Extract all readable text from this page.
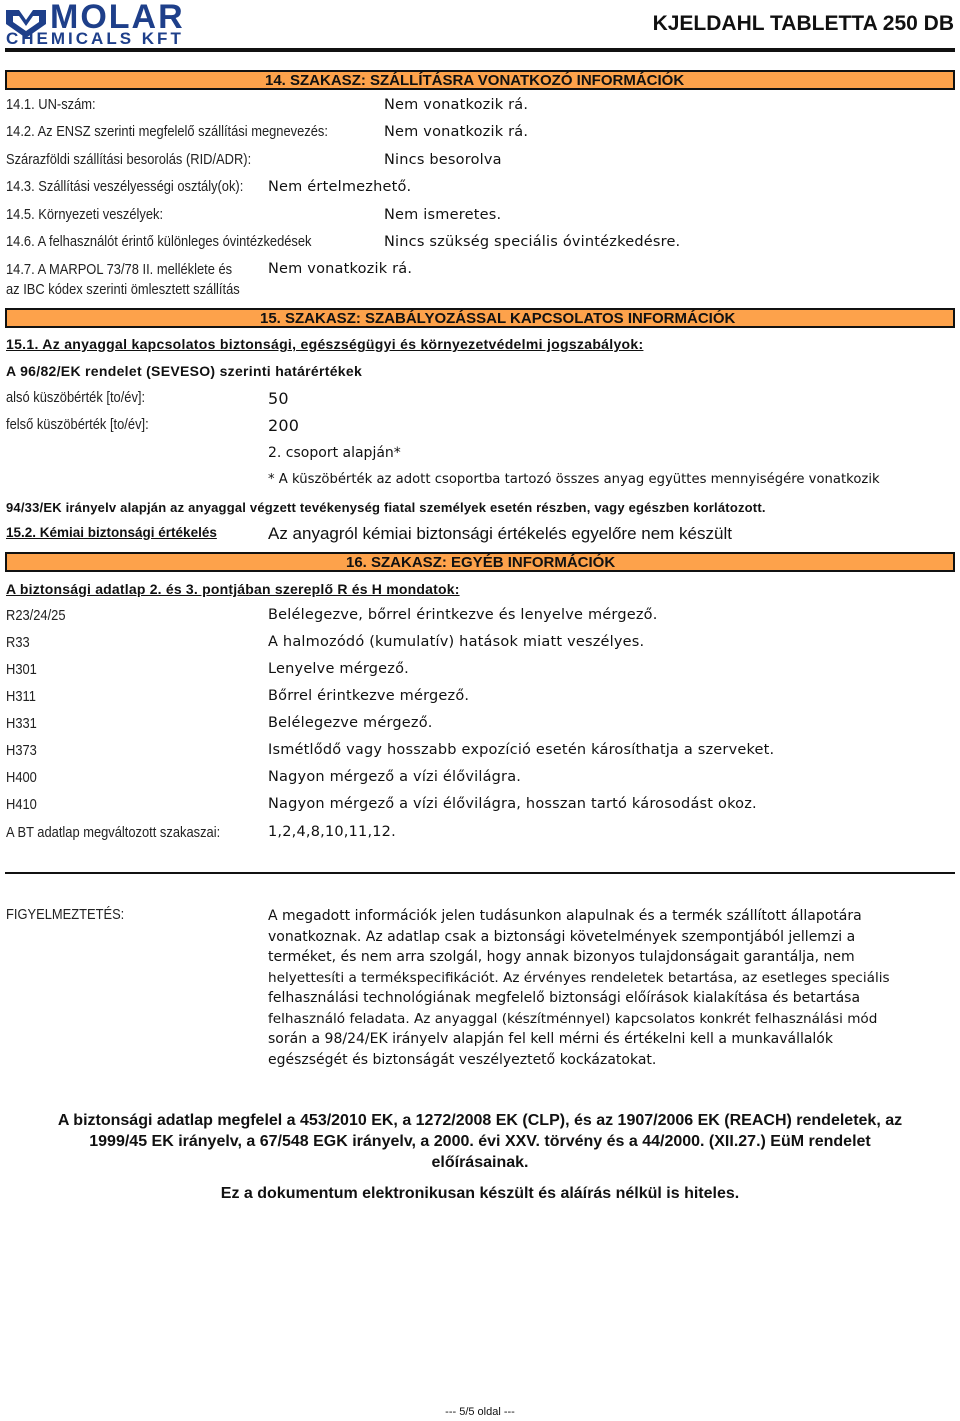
MOLAR
CHEMICALS KFT
KJELDAHL TABLETTA 250 DB
14. SZAKASZ: SZÁLLÍTÁSRA VONATKOZÓ INFORMÁCIÓK
14.1. UN-szám:	Nem vonatkozik rá.
14.2. Az ENSZ szerinti megfelelő szállítási megnevezés:	Nem vonatkozik rá.
Szárazföldi szállítási besorolás (RID/ADR):	Nincs besorolva
14.3. Szállítási veszélyességi osztály(ok): Nem értelmezhető.
14.5. Környezeti veszélyek:	Nem ismeretes.
14.6. A felhasználót érintő különleges óvintézkedések	Nincs szükség speciális óvintézkedésre.
14.7. A MARPOL 73/78 II. melléklete és Nem vonatkozik rá.
az IBC kódex szerinti ömlesztett szállítás
15. SZAKASZ: SZABÁLYOZÁSSAL KAPCSOLATOS INFORMÁCIÓK
15.1. Az anyaggal kapcsolatos biztonsági, egészségügyi és környezetvédelmi jogszabályok:
A 96/82/EK rendelet (SEVESO) szerinti határértékek
alsó küszöbérték [to/év]:	50
felső küszöbérték [to/év]:	200
2. csoport alapján*
* A küszöbérték az adott csoportba tartozó összes anyag együttes mennyiségére vonatkozik
94/33/EK irányelv alapján az anyaggal végzett tevékenység fiatal személyek esetén részben, vagy egészben korlátozott.
15.2. Kémiai biztonsági értékelés	Az anyagról kémiai biztonsági értékelés egyelőre nem készült
16. SZAKASZ: EGYÉB INFORMÁCIÓK
A biztonsági adatlap 2. és 3. pontjában szereplő R és H mondatok:
R23/24/25	Belélegezve, bőrrel érintkezve és lenyelve mérgező.
R33	A halmozódó (kumulatív) hatások miatt veszélyes.
H301	Lenyelve mérgező.
H311	Bőrrel érintkezve mérgező.
H331	Belélegezve mérgező.
H373	Ismétlődő vagy hosszabb expozíció esetén károsíthatja a szerveket.
H400	Nagyon mérgező a vízi élővilágra.
H410	Nagyon mérgező a vízi élővilágra, hosszan tartó károsodást okoz.
A BT adatlap megváltozott szakaszai:	1,2,4,8,10,11,12.
FIGYELMEZTETÉS:	A megadott információk jelen tudásunkon alapulnak és a termék szállított állapotára
vonatkoznak. Az adatlap csak a biztonsági követelmények szempontjából jellemzi a
terméket, és nem arra szolgál, hogy annak bizonyos tulajdonságait garantálja, nem
helyettesíti a termékspecifikációt. Az érvényes rendeletek betartása, az esetleges speciális
felhasználási technológiának megfelelő biztonsági előírások kialakítása és betartása
felhasználó feladata. Az anyaggal (készítménnyel) kapcsolatos konkrét felhasználási mód
során a 98/24/EK irányelv alapján fel kell mérni és értékelni kell a munkavállalók
egészségét és biztonságát veszélyeztető kockázatokat.
A biztonsági adatlap megfelel a 453/2010 EK, a 1272/2008 EK (CLP), és az 1907/2006 EK (REACH) rendeletek, az
1999/45 EK irányelv, a 67/548 EGK irányelv, a 2000. évi XXV. törvény és a 44/2000. (XII.27.) EüM rendelet
előírásainak.
Ez a dokumentum elektronikusan készült és aláírás nélkül is hiteles.
--- 5/5 oldal ---
